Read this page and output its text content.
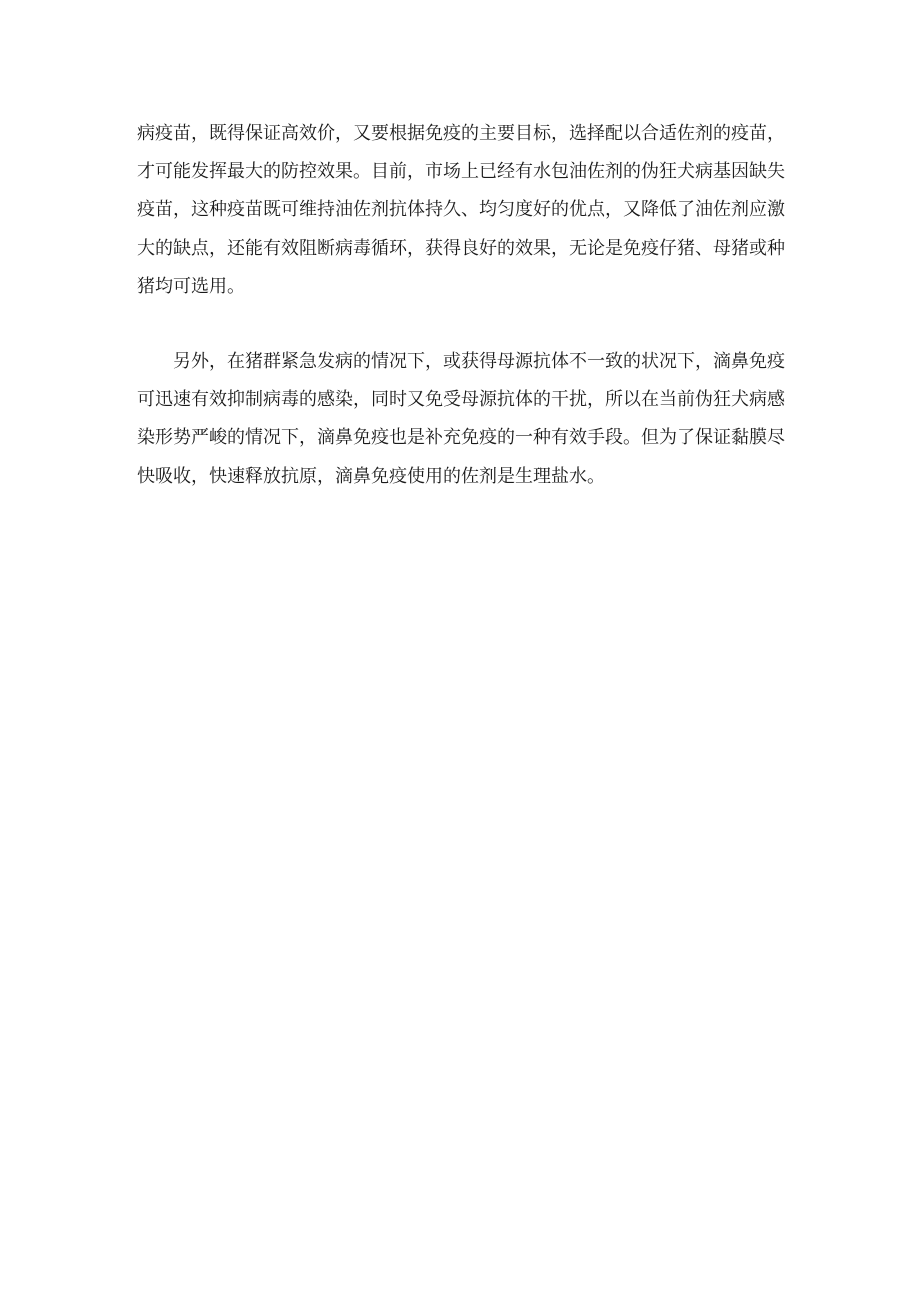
病疫苗，既得保证高效价，又要根据免疫的主要目标，选择配以合适佐剂的疫苗，才可能发挥最大的防控效果。目前，市场上已经有水包油佐剂的伪狂犬病基因缺失疫苗，这种疫苗既可维持油佐剂抗体持久、均匀度好的优点，又降低了油佐剂应激大的缺点，还能有效阻断病毒循环，获得良好的效果，无论是免疫仔猪、母猪或种猪均可选用。

另外，在猪群紧急发病的情况下，或获得母源抗体不一致的状况下，滴鼻免疫可迅速有效抑制病毒的感染，同时又免受母源抗体的干扰，所以在当前伪狂犬病感染形势严峻的情况下，滴鼻免疫也是补充免疫的一种有效手段。但为了保证黏膜尽快吸收，快速释放抗原，滴鼻免疫使用的佐剂是生理盐水。
